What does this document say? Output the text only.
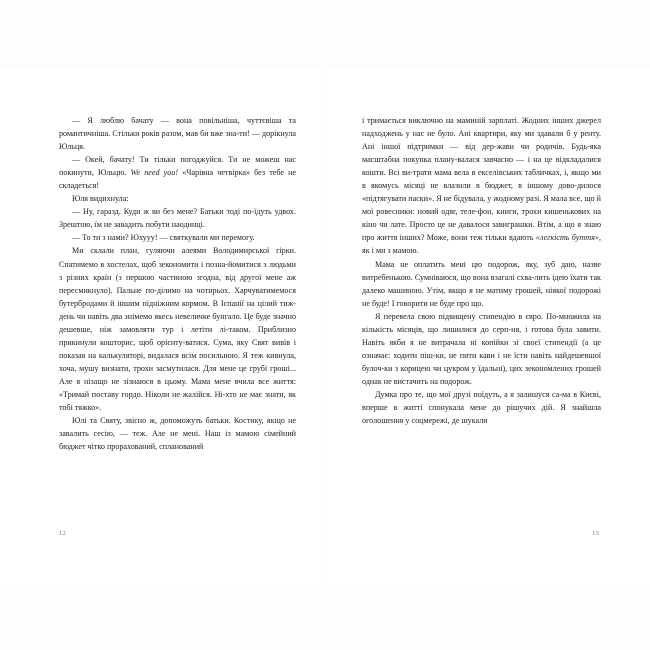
— Я люблю бачату — вона повільніша, чуттєвіша та романтичніша. Стільки років разом, мав би вже зна-ти! — дорікнула Юльця.

— Окей, бачату! Ти тільки погоджуйся. Ти не можеш нас покинути, Юльцю. We need you! «Чарівна четвірка» без тебе не складеться!

Юля видихнула:

— Ну, гаразд. Куди ж ви без мене? Батьки тоді по-їдуть удвох. Зрештою, їм не завадить побути наодинці.

— То ти з нами? Юхууу! — святкували ми перемогу.

Ми склали план, гуляючи алеями Володимирської гірки. Спатимемо в хостелах, щоб зекономити і позна-йомитися з людьми з різних країн (з першою частиною згодна, від другої мене аж пересмикнуло). Пальне по-ділимо на чотирьох. Харчуватимемося бутербродами й іншим підніжним кормом. В Іспанії на цілий тиж-день чи навіть два знімемо якесь невеличке бунгало. Це буде значно дешевше, ніж замовляти тур і летіти лі-таком. Приблизно прикинули кошторис, щоб орієнту-ватися. Сума, яку Свят вивів і показав на калькуляторі, видалася всім посильною. Я теж кивнула, хоча, мушу визнати, трохи засмутилася. Для мене це грубі гроші... Але я нізащо не зізнаюся в цьому. Мама мене вчила все життя: «Тримай поставу гордо. Ніколи не жалійся. Ні-хто не має знати, як тобі тяжко».

Юлі та Святу, звісно ж, допоможуть батьки. Костику, якщо не завалить сесію, — теж. Але не мені. Наш із мамою сімейний бюджет чітко прорахований, спланований

і тримається виключно на маминій зарплаті. Жодних інших джерел надходжень у нас не було. Ані квартири, яку ми здавали б у ренту. Ані іншої підтримки — від дер-жави чи родичів. Будь-яка масштабна покупка плану-валася завчасно — і на це відкладалися кошти. Всі ви-трати мама вела в екселівських табличках, і, якщо ми в якомусь місяці не влазили в бюджет, в іншому дово-дилося «підтягувати паски». Я не бідувала, у жодному разі. Я мала все, що й мої ровесники: новий одяг, теле-фон, книги, трохи кишенькових на кіно чи лате. Просто це не давалося завиграшки. Втім, а що я знаю про життя інших? Може, вони теж тільки вдають «легкість буття», як і ми з мамою.

Мама не оплатить мені цю подорож, яку, зуб даю, назве витребенькою. Сумніваюся, що вона взагалі схва-лить ідею їхати так далеко машиною. Утім, якщо я не матиму грошей, ніякої подорожі не буде! І говорити не буде про що.

Я перевела свою підвищену стипендію в євро. По-множила на кількість місяців, що лишилися до серп-ня, і готова була завити. Навіть якби я не витрачала ні копійки зі своєї стипендії (а це означає: ходити піш-ки, не пити кави і не їсти навіть найдешевшої булоч-ки з корицею чи цукром у їдальні), цих зекономлених грошей однак не вистачить на подорож.

Думка про те, що мої друзі поїдуть, а я залишуся са-ма в Києві, вперше в житті спонукала мене до рішучих дій. Я знайшла оголошення у соцмережі, де шукали

12	13
